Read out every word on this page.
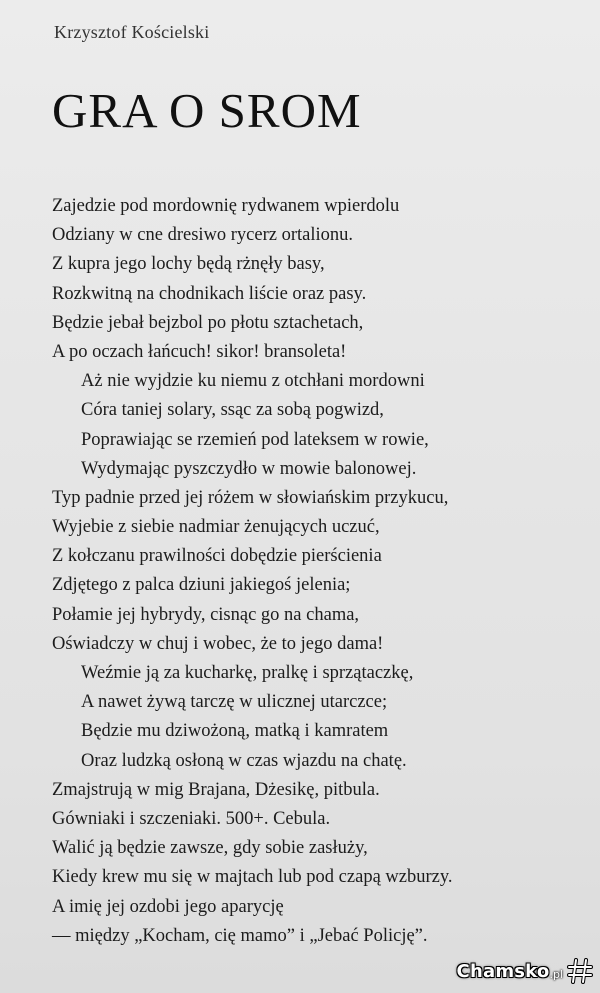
Krzysztof Kościelski
GRA O SROM
Zajedzie pod mordownię rydwanem wpierdolu
Odziany w cne dresiwo rycerz ortalionu.
Z kupra jego lochy będą rżnęły basy,
Rozkwitną na chodnikach liście oraz pasy.
Będzie jebał bejzbol po płotu sztachetach,
A po oczach łańcuch! sikor! bransoleta!
Aż nie wyjdzie ku niemu z otchłani mordowni
Córa taniej solary, ssąc za sobą pogwizd,
Poprawiając se rzemień pod lateksem w rowie,
Wydymając pyszczydło w mowie balonowej.
Typ padnie przed jej różem w słowiańskim przykucu,
Wyjebie z siebie nadmiar żenujących uczuć,
Z kołczanu prawilności dobędzie pierścienia
Zdjętego z palca dziuni jakiegoś jelenia;
Połamie jej hybrydy, cisnąc go na chama,
Oświadczy w chuj i wobec, że to jego dama!
Weźmie ją za kucharkę, pralkę i sprzątaczkę,
A nawet żywą tarczę w ulicznej utarczce;
Będzie mu dziwożoną, matką i kamratem
Oraz ludzką osłoną w czas wjazdu na chatę.
Zmajstrują w mig Brajana, Dżesikę, pitbula.
Gówniaki i szczeniaki. 500+. Cebula.
Walić ją będzie zawsze, gdy sobie zasłuży,
Kiedy krew mu się w majtach lub pod czapą wzburzy.
A imię jej ozdobi jego aparycję
— między „Kocham, cię mamo” i „Jebać Policję”.
Chamsko .pl
